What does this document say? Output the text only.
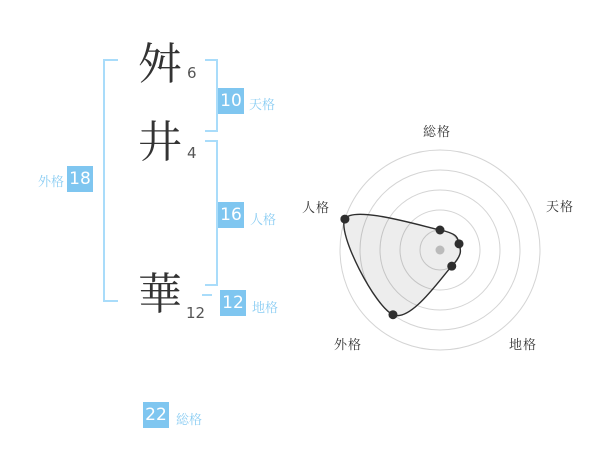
外格 18
舛 6
井 4
華 12
10 天格
16 人格
12 地格
22 総格
総格
天格
地格
外格
人格
